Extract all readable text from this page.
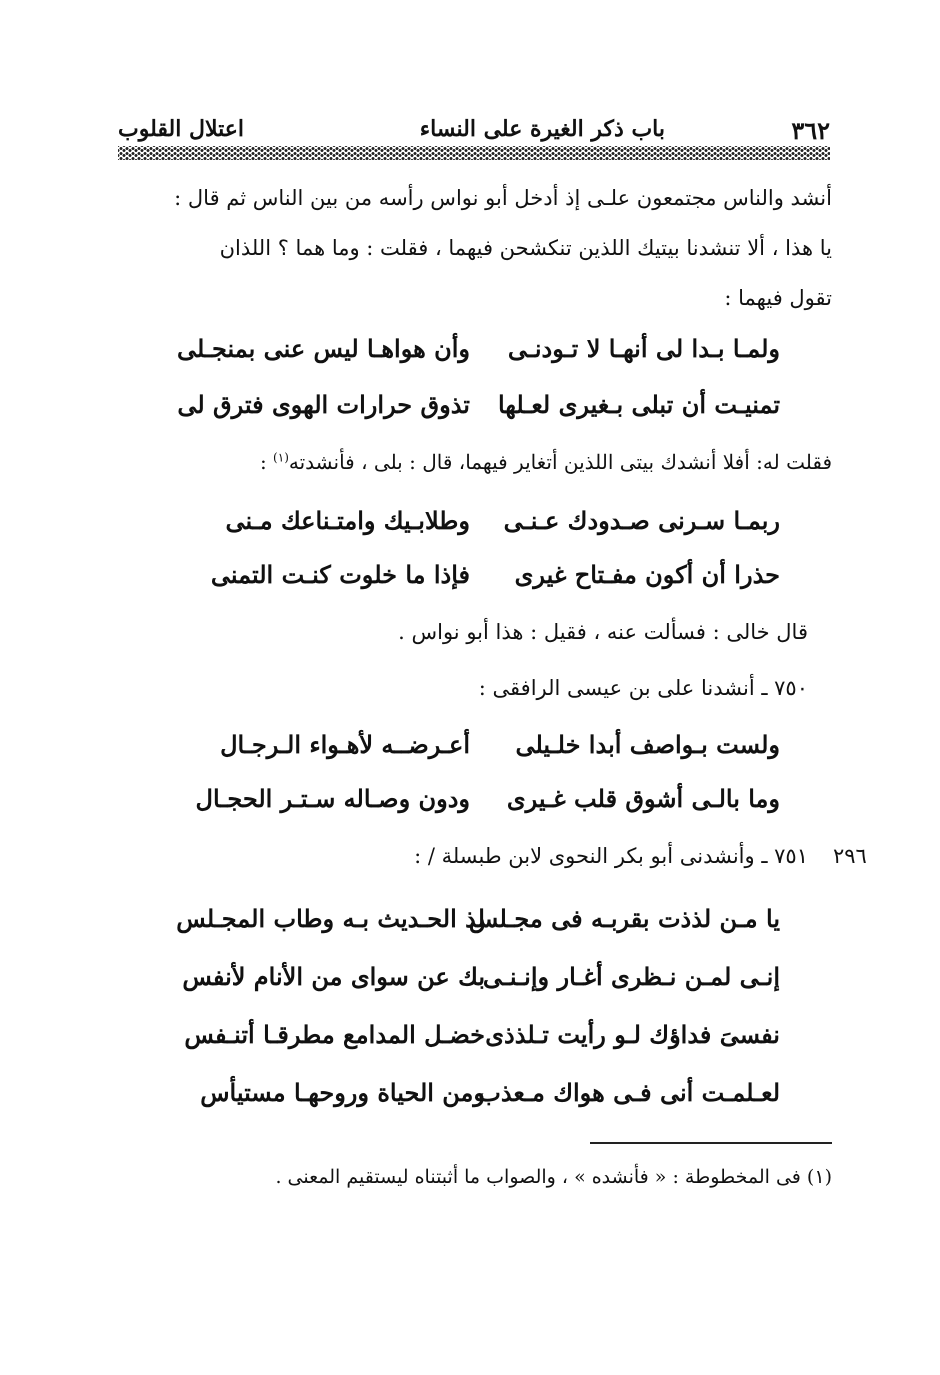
٣٦٢
باب ذكر الغيرة على النساء
اعتلال القلوب
أنشد والناس مجتمعون علـى إذ أدخل أبو نواس رأسه من بين الناس ثم قال :
يا هذا ، ألا تنشدنا بيتيك اللذين تنكشحن فيهما ، فقلت : وما هما ؟ اللذان
تقول فيهما :
ولمـا بـدا لى أنهـا لا تـودنـى
وأن هواهـا ليس عنى بمنجـلى
تمنيـت أن تبلى بـغيرى لعـلها
تذوق حرارات الهوى فترق لى
فقلت له: أفلا أنشدك بيتى اللذين أتغاير فيهما، قال : بلى ، فأنشدته$^{(١)}$ :
ربمـا سـرنى صـدودك عـنـى
وطلابـيك وامتـناعك مـنى
حذرا أن أكون مفـتاح غيرى
فإذا ما خلوت كنـت التمنى
قال خالى : فسألت عنه ، فقيل : هذا أبو نواس .
٧٥٠ ـ أنشدنا على بن عيسى الرافقى :
ولست بـواصف أبدا خلـيلى
أعـرضــه لأهـواء الـرجـال
وما بالـى أشوق قلب غـيرى
ودون وصـاله سـتـر الحجـال
٧٥١ ـ وأنشدنى أبو بكر النحوى لابن طبسلة / : ٢٩٦
يا مـن لذذت بقربـه فى مجـلس
لذ الحـديث بـه وطاب المجـلس
إنـى لمـن نـظرى أغـار وإنـنـى
بك عن سواى من الأنام لأنفس
نفسىَ فداؤك لـو رأيت تـلذذى
خضـل المدامع مطرقـا أتنـفس
لعـلمـت أنى فـى هواك مـعذب
ومن الحياة وروحهـا مستيأس
(١) فى المخطوطة : « فأنشده » ، والصواب ما أثبتناه ليستقيم المعنى .
